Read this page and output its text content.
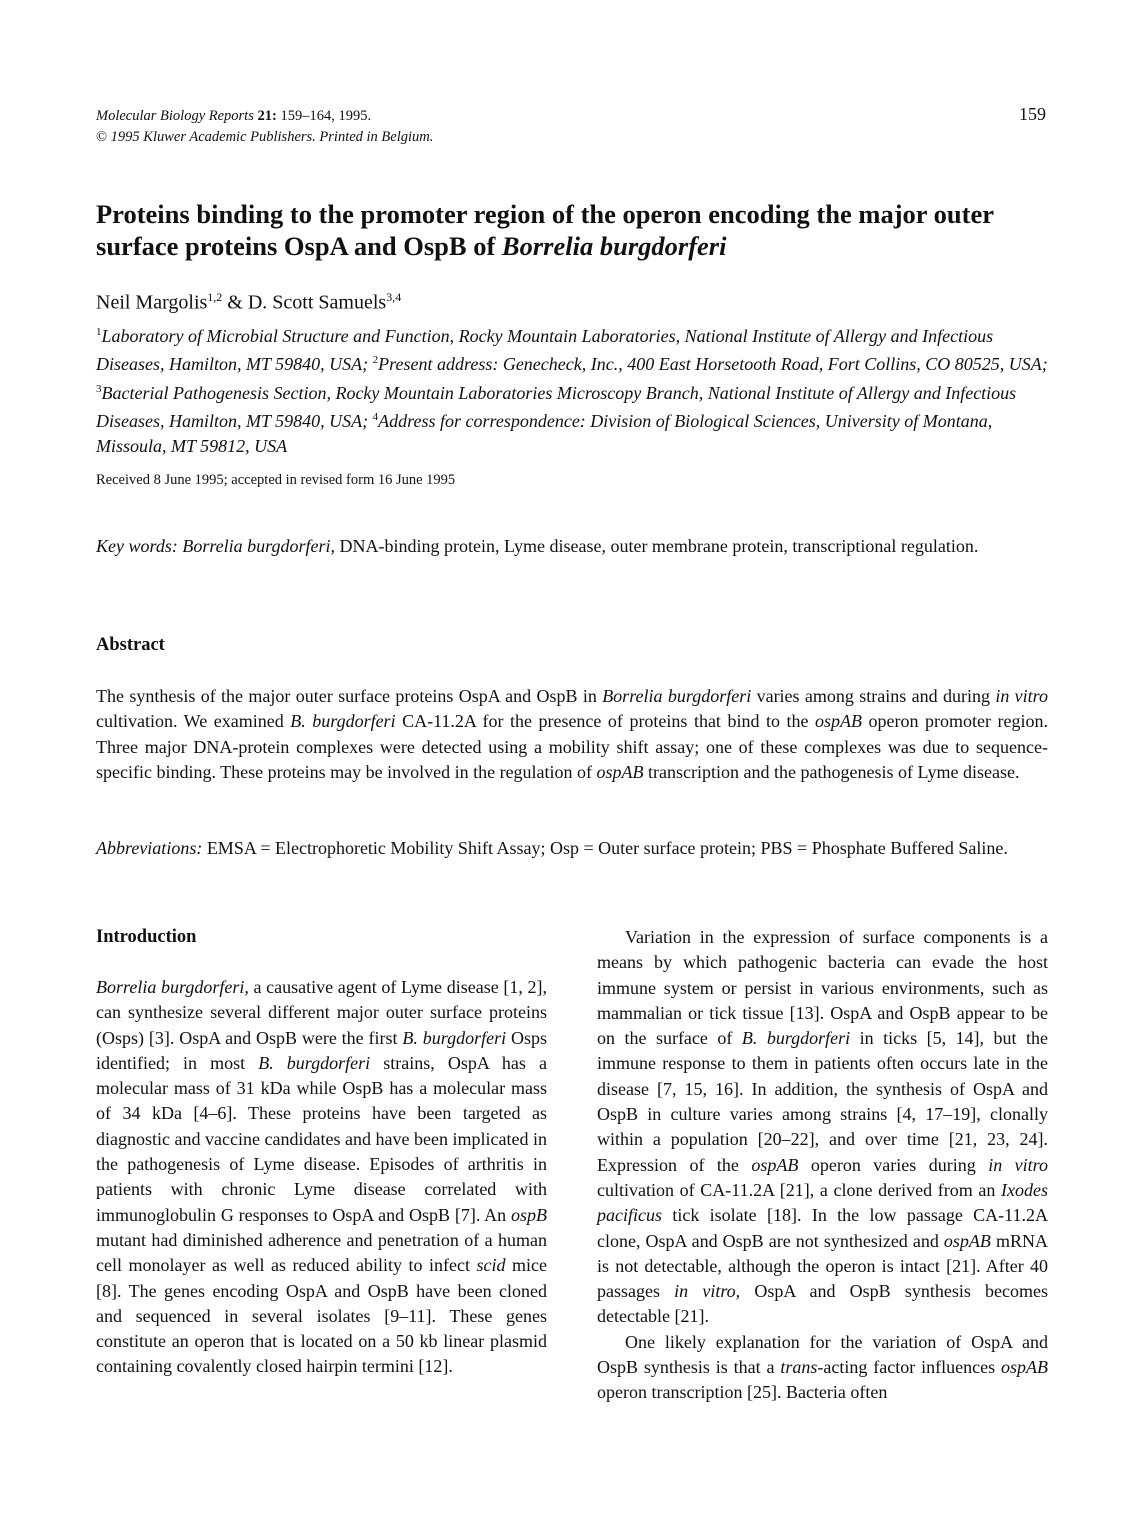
Molecular Biology Reports 21: 159–164, 1995.
© 1995 Kluwer Academic Publishers. Printed in Belgium.
159
Proteins binding to the promoter region of the operon encoding the major outer surface proteins OspA and OspB of Borrelia burgdorferi
Neil Margolis$^{1,2}$ & D. Scott Samuels$^{3,4}$
$^1$Laboratory of Microbial Structure and Function, Rocky Mountain Laboratories, National Institute of Allergy and Infectious Diseases, Hamilton, MT 59840, USA; $^2$Present address: Genecheck, Inc., 400 East Horsetooth Road, Fort Collins, CO 80525, USA; $^3$Bacterial Pathogenesis Section, Rocky Mountain Laboratories Microscopy Branch, National Institute of Allergy and Infectious Diseases, Hamilton, MT 59840, USA; $^4$Address for correspondence: Division of Biological Sciences, University of Montana, Missoula, MT 59812, USA
Received 8 June 1995; accepted in revised form 16 June 1995
Key words: Borrelia burgdorferi, DNA-binding protein, Lyme disease, outer membrane protein, transcriptional regulation.
Abstract
The synthesis of the major outer surface proteins OspA and OspB in Borrelia burgdorferi varies among strains and during in vitro cultivation. We examined B. burgdorferi CA-11.2A for the presence of proteins that bind to the ospAB operon promoter region. Three major DNA-protein complexes were detected using a mobility shift assay; one of these complexes was due to sequence-specific binding. These proteins may be involved in the regulation of ospAB transcription and the pathogenesis of Lyme disease.
Abbreviations: EMSA = Electrophoretic Mobility Shift Assay; Osp = Outer surface protein; PBS = Phosphate Buffered Saline.
Introduction

Borrelia burgdorferi, a causative agent of Lyme disease [1, 2], can synthesize several different major outer surface proteins (Osps) [3]. OspA and OspB were the first B. burgdorferi Osps identified; in most B. burgdorferi strains, OspA has a molecular mass of 31 kDa while OspB has a molecular mass of 34 kDa [4–6]. These proteins have been targeted as diagnostic and vaccine candidates and have been implicated in the pathogenesis of Lyme disease. Episodes of arthritis in patients with chronic Lyme disease correlated with immunoglobulin G responses to OspA and OspB [7]. An ospB mutant had diminished adherence and penetration of a human cell monolayer as well as reduced ability to infect scid mice [8]. The genes encoding OspA and OspB have been cloned and sequenced in several isolates [9–11]. These genes constitute an operon that is located on a 50 kb linear plasmid containing covalently closed hairpin termini [12].

Variation in the expression of surface components is a means by which pathogenic bacteria can evade the host immune system or persist in various environments, such as mammalian or tick tissue [13]. OspA and OspB appear to be on the surface of B. burgdorferi in ticks [5, 14], but the immune response to them in patients often occurs late in the disease [7, 15, 16]. In addition, the synthesis of OspA and OspB in culture varies among strains [4, 17–19], clonally within a population [20–22], and over time [21, 23, 24]. Expression of the ospAB operon varies during in vitro cultivation of CA-11.2A [21], a clone derived from an Ixodes pacificus tick isolate [18]. In the low passage CA-11.2A clone, OspA and OspB are not synthesized and ospAB mRNA is not detectable, although the operon is intact [21]. After 40 passages in vitro, OspA and OspB synthesis becomes detectable [21].

One likely explanation for the variation of OspA and OspB synthesis is that a trans-acting factor influences ospAB operon transcription [25]. Bacteria often
